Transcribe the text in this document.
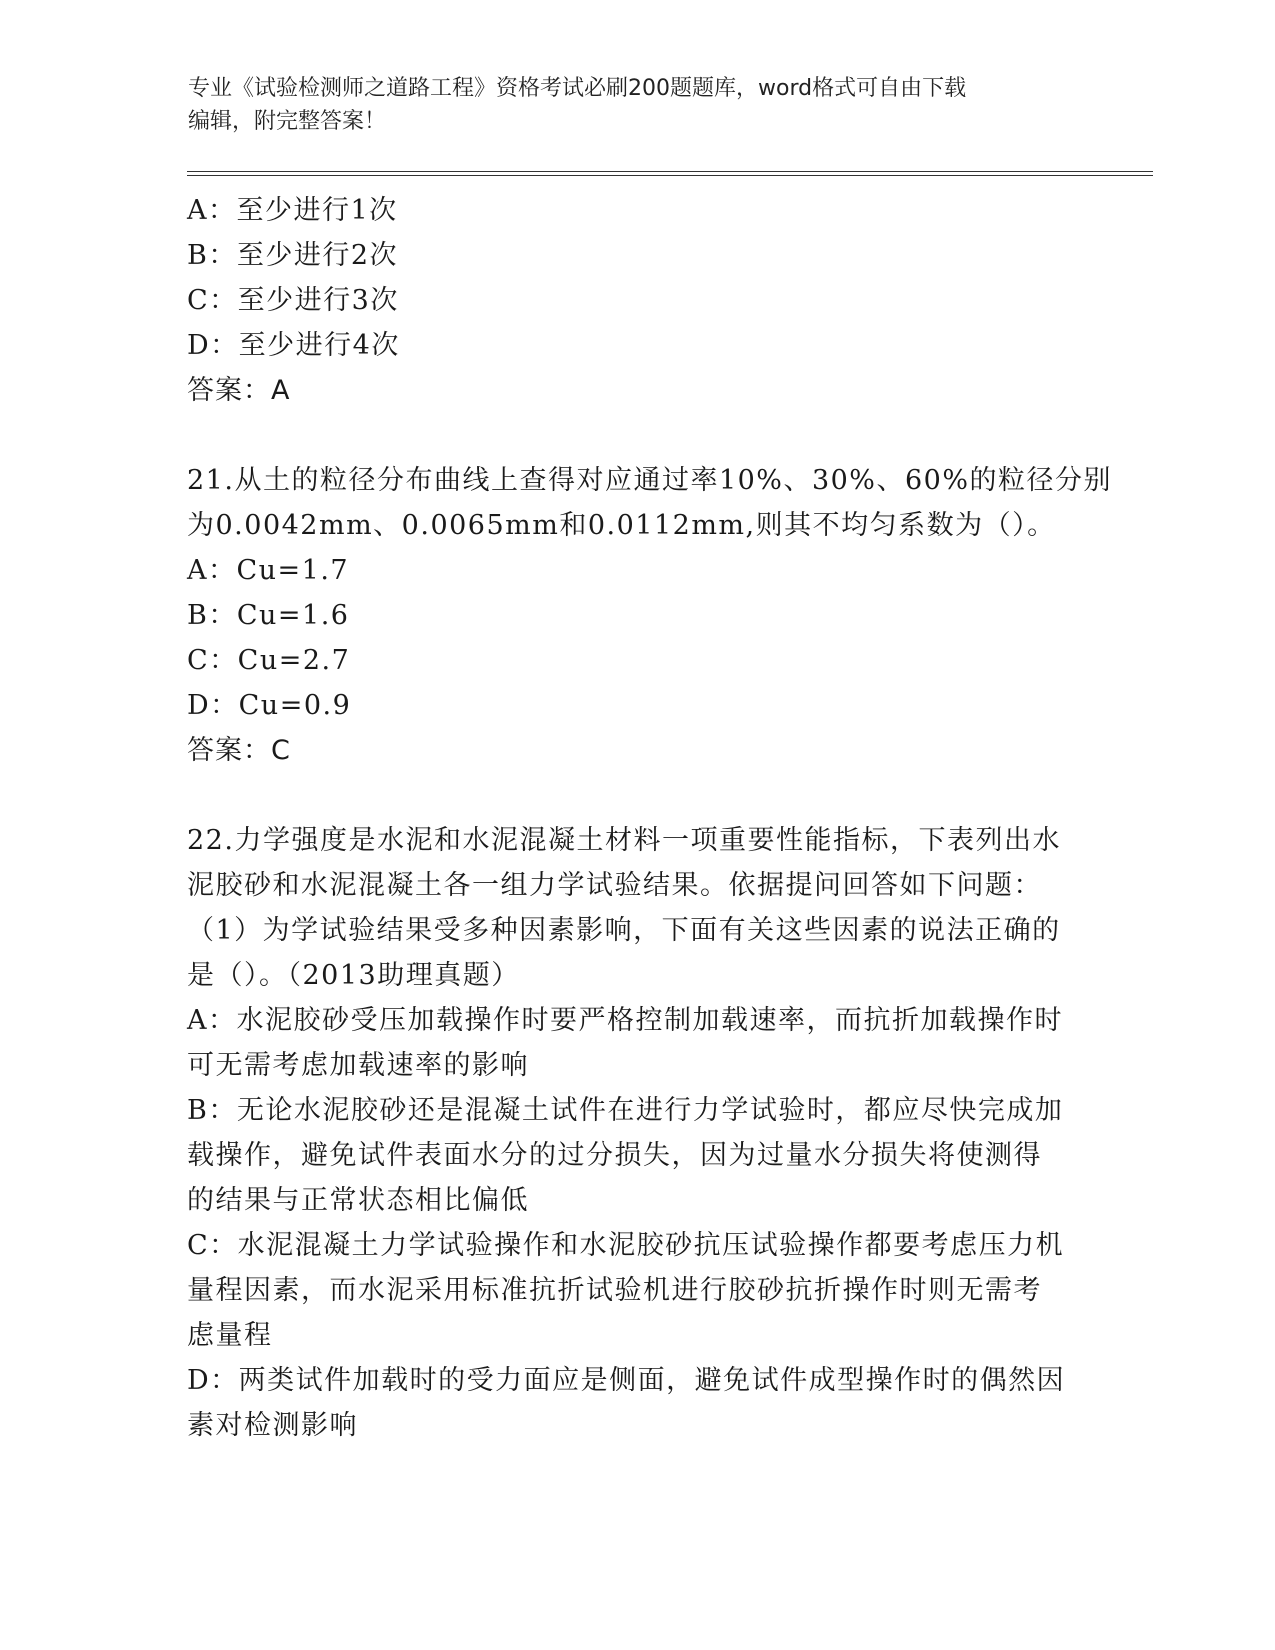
专业《试验检测师之道路工程》资格考试必刷200题题库，word格式可自由下载
编辑，附完整答案！
A：至少进行1次
B：至少进行2次
C：至少进行3次
D：至少进行4次
答案：A
21.从土的粒径分布曲线上查得对应通过率10%、30%、60%的粒径分别
为0.0042mm、0.0065mm和0.0112mm,则其不均匀系数为（）。
A：Cu=1.7
B：Cu=1.6
C：Cu=2.7
D：Cu=0.9
答案：C
22.力学强度是水泥和水泥混凝土材料一项重要性能指标，下表列出水
泥胶砂和水泥混凝土各一组力学试验结果。依据提问回答如下问题：
（1）为学试验结果受多种因素影响，下面有关这些因素的说法正确的
是（）。（2013助理真题）
A：水泥胶砂受压加载操作时要严格控制加载速率，而抗折加载操作时
可无需考虑加载速率的影响
B：无论水泥胶砂还是混凝土试件在进行力学试验时，都应尽快完成加
载操作，避免试件表面水分的过分损失，因为过量水分损失将使测得
的结果与正常状态相比偏低
C：水泥混凝土力学试验操作和水泥胶砂抗压试验操作都要考虑压力机
量程因素，而水泥采用标准抗折试验机进行胶砂抗折操作时则无需考
虑量程
D：两类试件加载时的受力面应是侧面，避免试件成型操作时的偶然因
素对检测影响
